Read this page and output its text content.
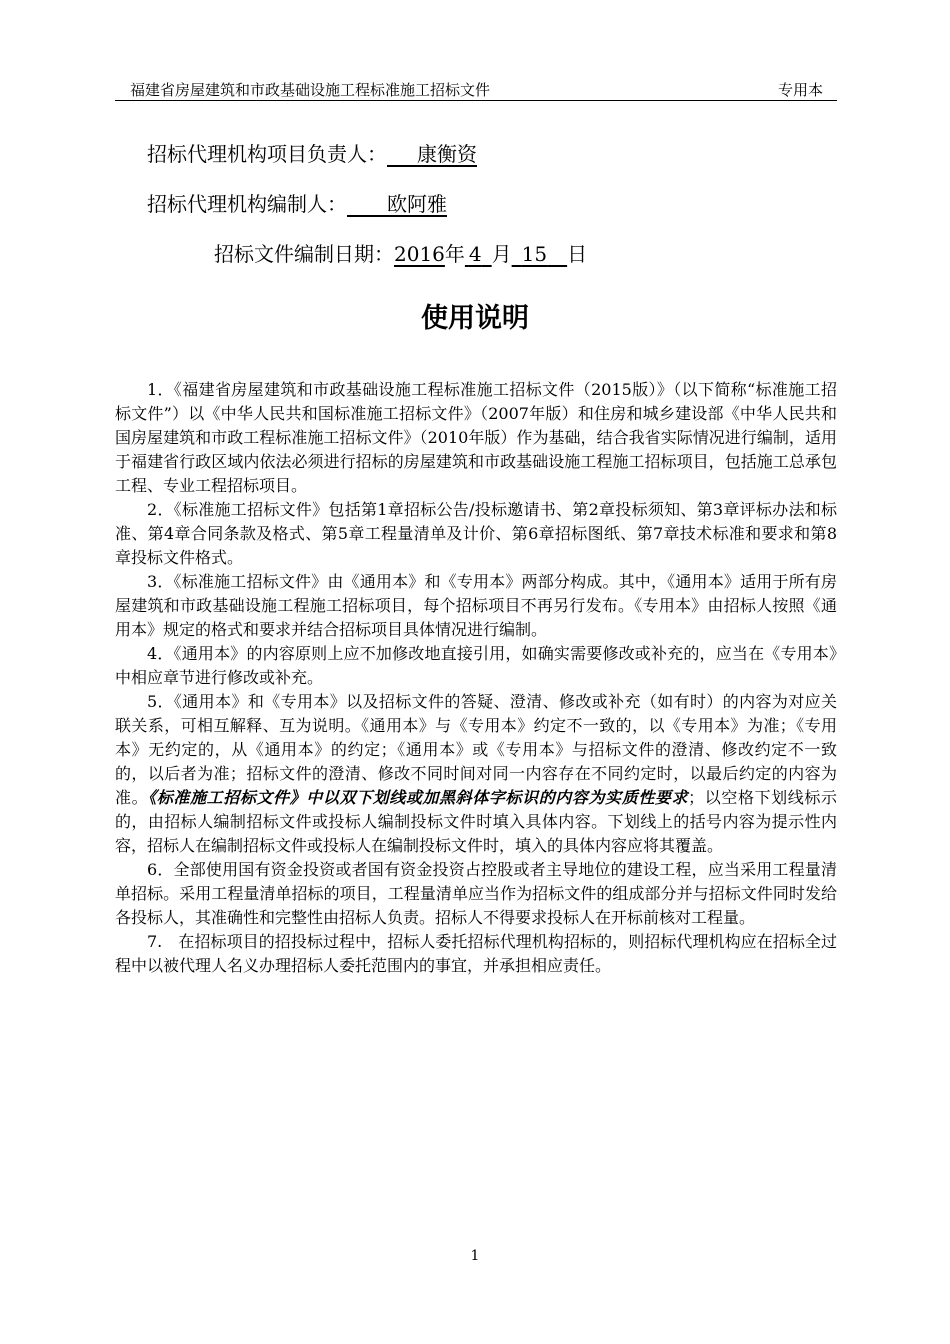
福建省房屋建筑和市政基础设施工程标准施工招标文件	专用本
招标代理机构项目负责人：   康衡资
招标代理机构编制人：    欧阿雅
招标文件编制日期：2016年  4  月  15  日
使用说明

1．《福建省房屋建筑和市政基础设施工程标准施工招标文件（2015版）》（以下简称“标准施工招标文件”）以《中华人民共和国标准施工招标文件》（2007年版）和住房和城乡建设部《中华人民共和国房屋建筑和市政工程标准施工招标文件》（2010年版）作为基础，结合我省实际情况进行编制，适用于福建省行政区域内依法必须进行招标的房屋建筑和市政基础设施工程施工招标项目，包括施工总承包工程、专业工程招标项目。

2．《标准施工招标文件》包括第1章招标公告/投标邀请书、第2章投标须知、第3章评标办法和标准、第4章合同条款及格式、第5章工程量清单及计价、第6章招标图纸、第7章技术标准和要求和第8章投标文件格式。

3．《标准施工招标文件》由《通用本》和《专用本》两部分构成。其中，《通用本》适用于所有房屋建筑和市政基础设施工程施工招标项目，每个招标项目不再另行发布。《专用本》由招标人按照《通用本》规定的格式和要求并结合招标项目具体情况进行编制。

4．《通用本》的内容原则上应不加修改地直接引用，如确实需要修改或补充的，应当在《专用本》中相应章节进行修改或补充。

5．《通用本》和《专用本》以及招标文件的答疑、澄清、修改或补充（如有时）的内容为对应关联关系，可相互解释、互为说明。《通用本》与《专用本》约定不一致的，以《专用本》为准；《专用本》无约定的，从《通用本》的约定；《通用本》或《专用本》与招标文件的澄清、修改约定不一致的，以后者为准；招标文件的澄清、修改不同时间对同一内容存在不同约定时，以最后约定的内容为准。《标准施工招标文件》中以双下划线或加黑斜体字标识的内容为实质性要求；以空格下划线标示的，由招标人编制招标文件或投标人编制投标文件时填入具体内容。下划线上的括号内容为提示性内容，招标人在编制招标文件或投标人在编制投标文件时，填入的具体内容应将其覆盖。

6．全部使用国有资金投资或者国有资金投资占控股或者主导地位的建设工程，应当采用工程量清单招标。采用工程量清单招标的项目，工程量清单应当作为招标文件的组成部分并与招标文件同时发给各投标人，其准确性和完整性由招标人负责。招标人不得要求投标人在开标前核对工程量。

7.　在招标项目的招投标过程中，招标人委托招标代理机构招标的，则招标代理机构应在招标全过程中以被代理人名义办理招标人委托范围内的事宜，并承担相应责任。

1
